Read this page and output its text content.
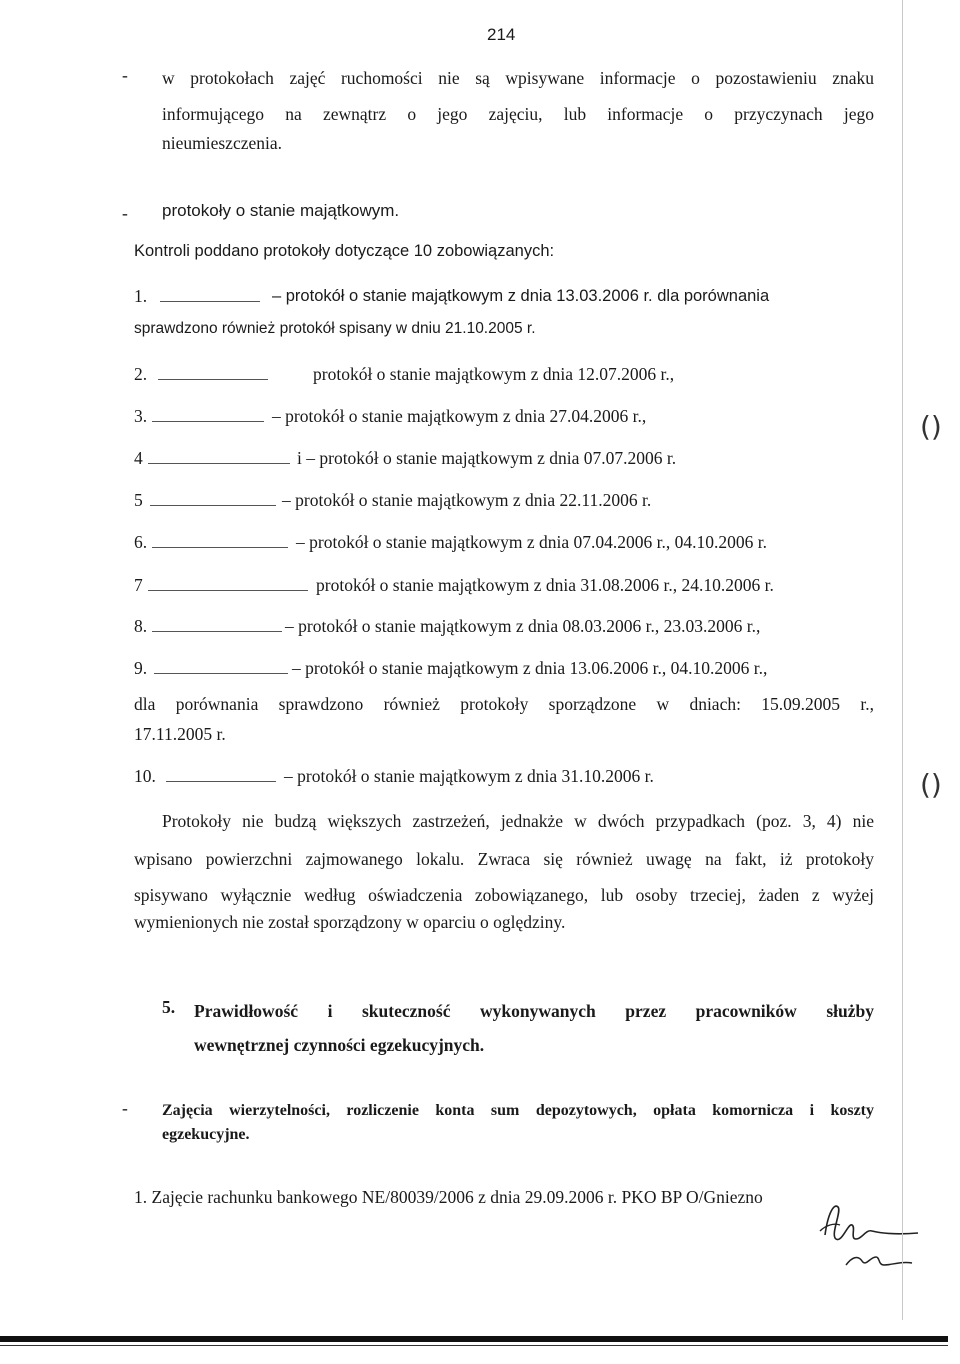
214
- w protokołach zajęć ruchomości nie są wpisywane informacje o pozostawieniu znaku
informującego na zewnątrz o jego zajęciu, lub informacje o przyczynach jego
nieumieszczenia.
- protokoły o stanie majątkowym.
Kontroli poddano protokoły dotyczące 10 zobowiązanych:
1.	– protokół o stanie majątkowym z dnia 13.03.2006 r. dla porównania
sprawdzono również protokół spisany w dniu 21.10.2005 r.
2.	protokół o stanie majątkowym z dnia 12.07.2006 r.,
3.	– protokół o stanie majątkowym z dnia 27.04.2006 r.,
4	i – protokół o stanie majątkowym z dnia 07.07.2006 r.
5	– protokół o stanie majątkowym z dnia 22.11.2006 r.
6.	– protokół o stanie majątkowym z dnia 07.04.2006 r., 04.10.2006 r.
7	protokół o stanie majątkowym z dnia 31.08.2006 r., 24.10.2006 r.
8.	– protokół o stanie majątkowym z dnia 08.03.2006 r., 23.03.2006 r.,
9.	– protokół o stanie majątkowym z dnia 13.06.2006 r., 04.10.2006 r.,
dla porównania sprawdzono również protokoły sporządzone w dniach: 15.09.2005 r.,
17.11.2005 r.
10.	– protokół o stanie majątkowym z dnia 31.10.2006 r.
Protokoły nie budzą większych zastrzeżeń, jednakże w dwóch przypadkach (poz. 3, 4) nie
wpisano powierzchni zajmowanego lokalu. Zwraca się również uwagę na fakt, iż protokoły
spisywano wyłącznie według oświadczenia zobowiązanego, lub osoby trzeciej, żaden z wyżej
wymienionych nie został sporządzony w oparciu o oględziny.
5. Prawidłowość i skuteczność wykonywanych przez pracowników służby
wewnętrznej czynności egzekucyjnych.
- Zajęcia wierzytelności, rozliczenie konta sum depozytowych, opłata komornicza i koszty
egzekucyjne.
1. Zajęcie rachunku bankowego NE/80039/2006 z dnia 29.09.2006 r. PKO BP O/Gniezno
()
()
